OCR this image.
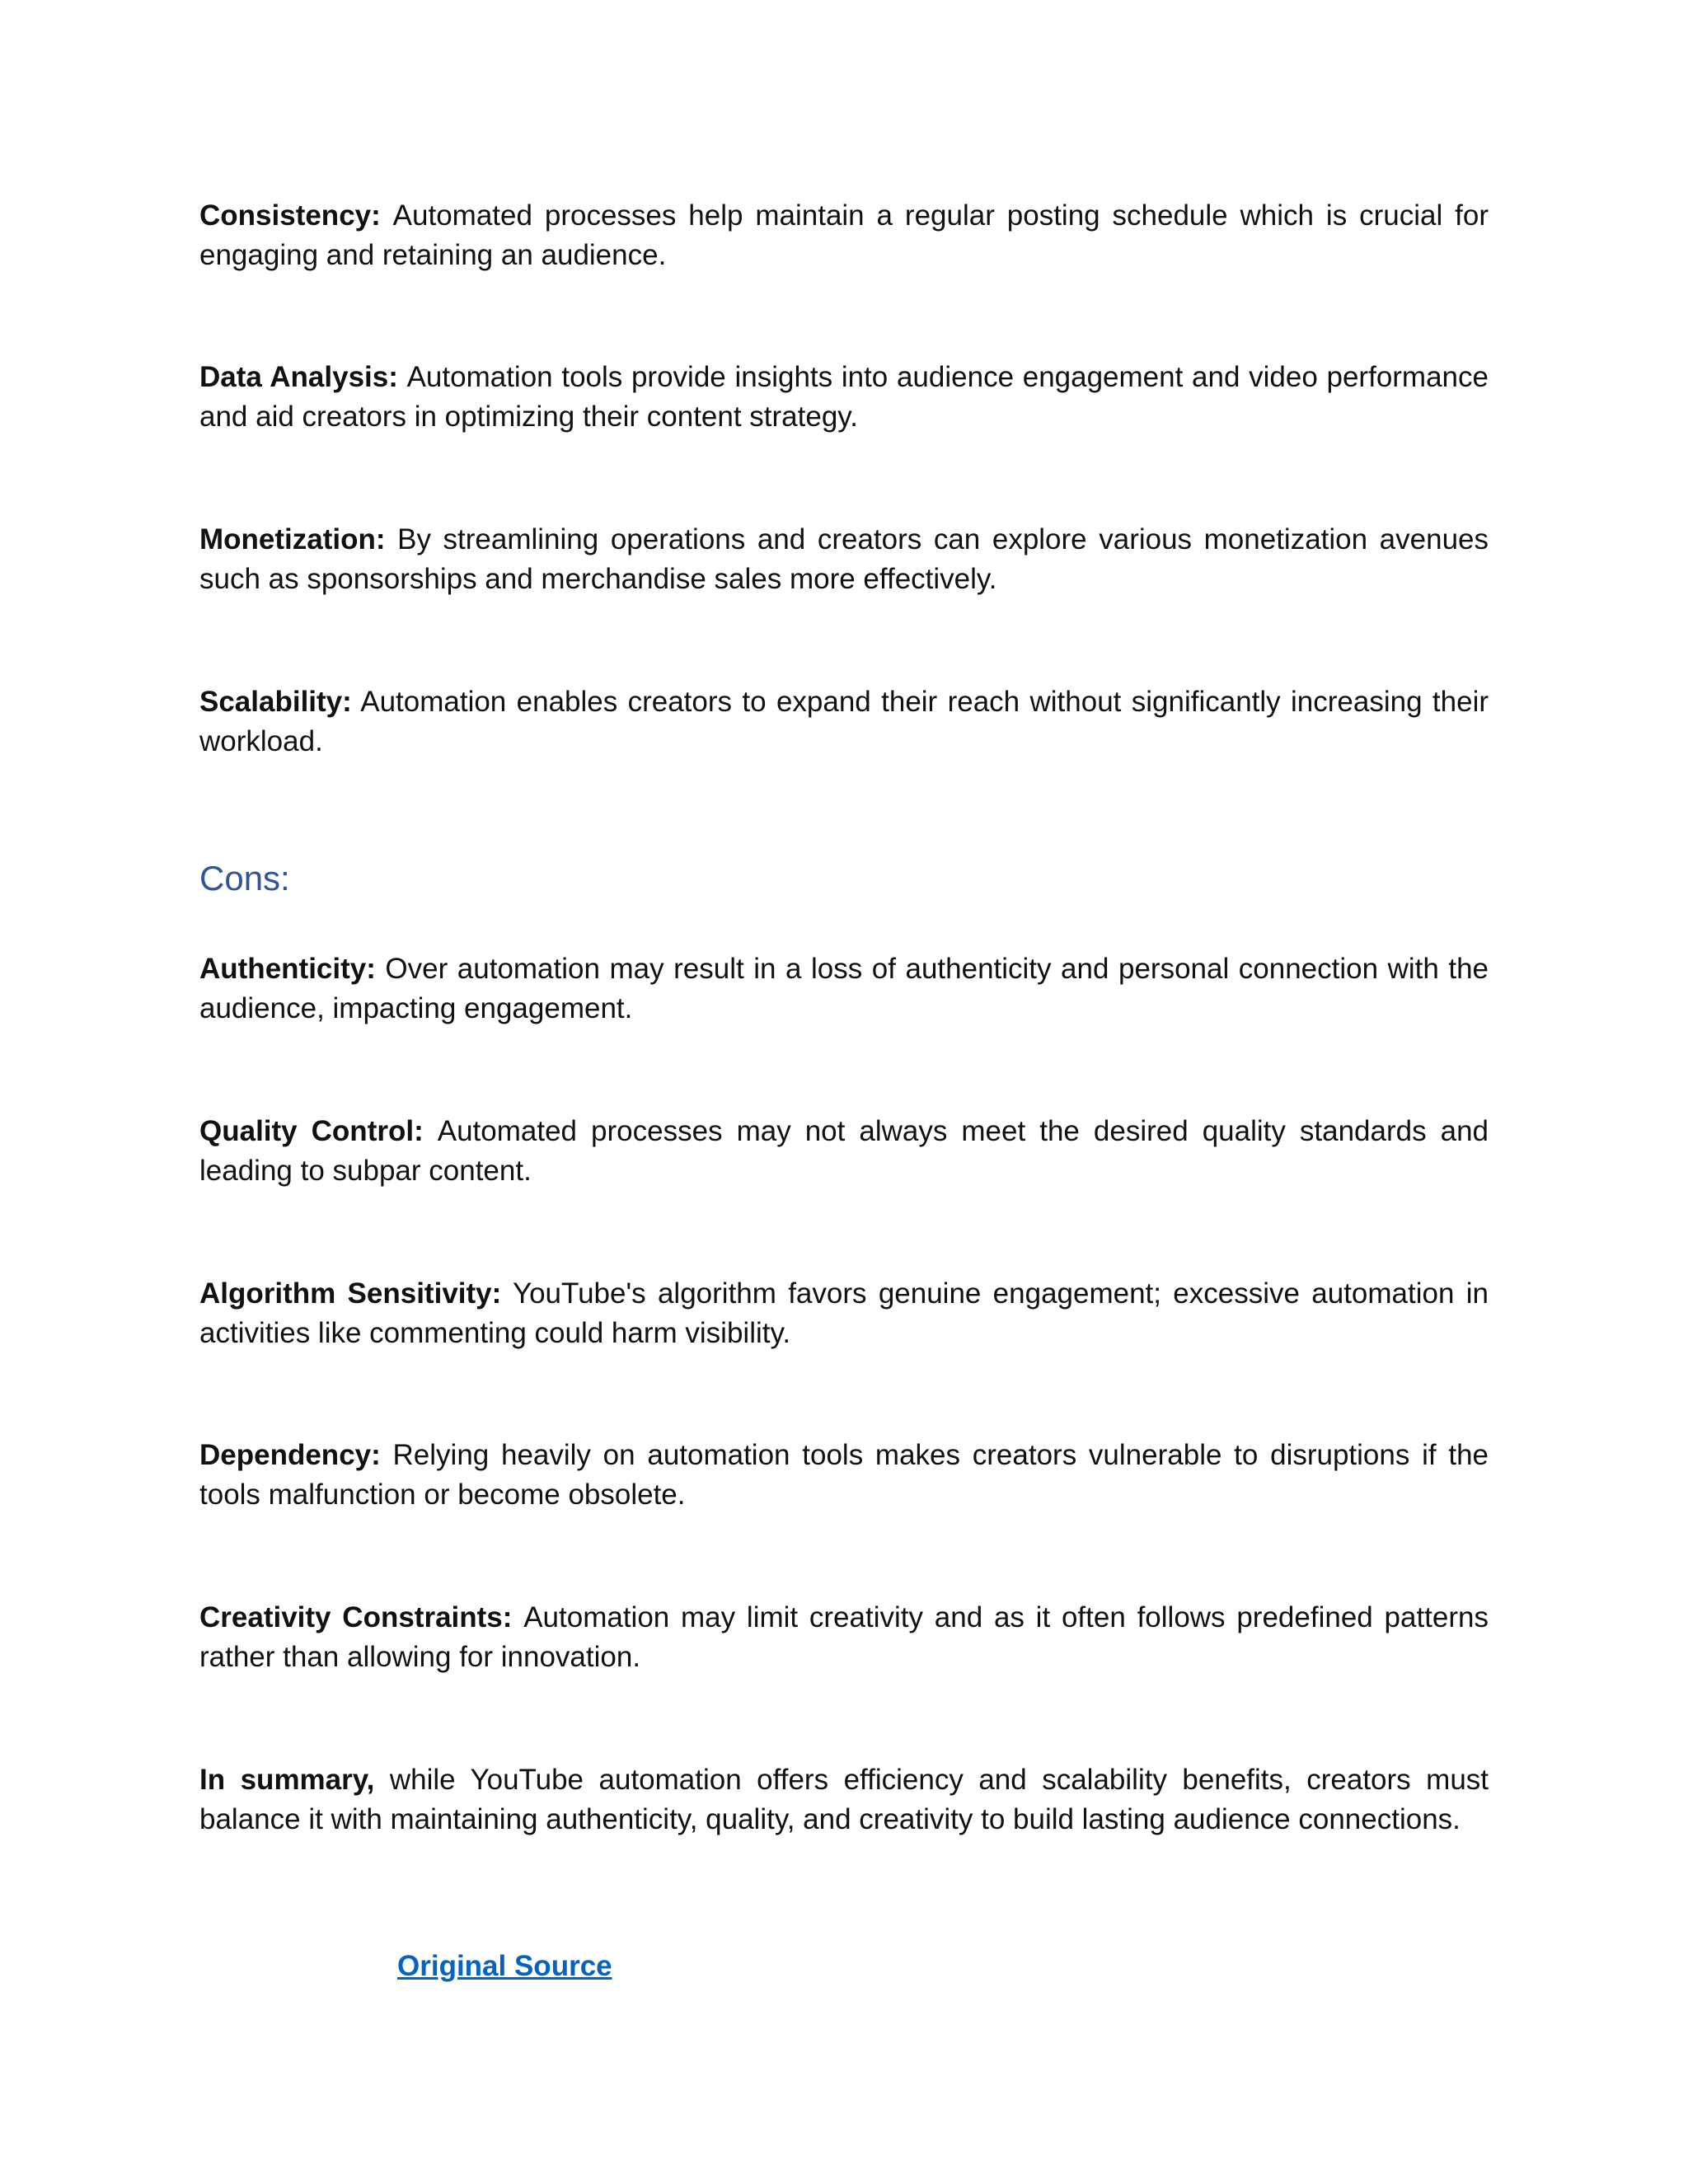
Consistency: Automated processes help maintain a regular posting schedule which is crucial for engaging and retaining an audience.

Data Analysis: Automation tools provide insights into audience engagement and video performance and aid creators in optimizing their content strategy.

Monetization: By streamlining operations and creators can explore various monetization avenues such as sponsorships and merchandise sales more effectively.

Scalability: Automation enables creators to expand their reach without significantly increasing their workload.

Cons:

Authenticity: Over automation may result in a loss of authenticity and personal connection with the audience, impacting engagement.

Quality Control: Automated processes may not always meet the desired quality standards and leading to subpar content.

Algorithm Sensitivity: YouTube's algorithm favors genuine engagement; excessive automation in activities like commenting could harm visibility.

Dependency: Relying heavily on automation tools makes creators vulnerable to disruptions if the tools malfunction or become obsolete.

Creativity Constraints: Automation may limit creativity and as it often follows predefined patterns rather than allowing for innovation.

In summary, while YouTube automation offers efficiency and scalability benefits, creators must balance it with maintaining authenticity, quality, and creativity to build lasting audience connections.

Original Source
